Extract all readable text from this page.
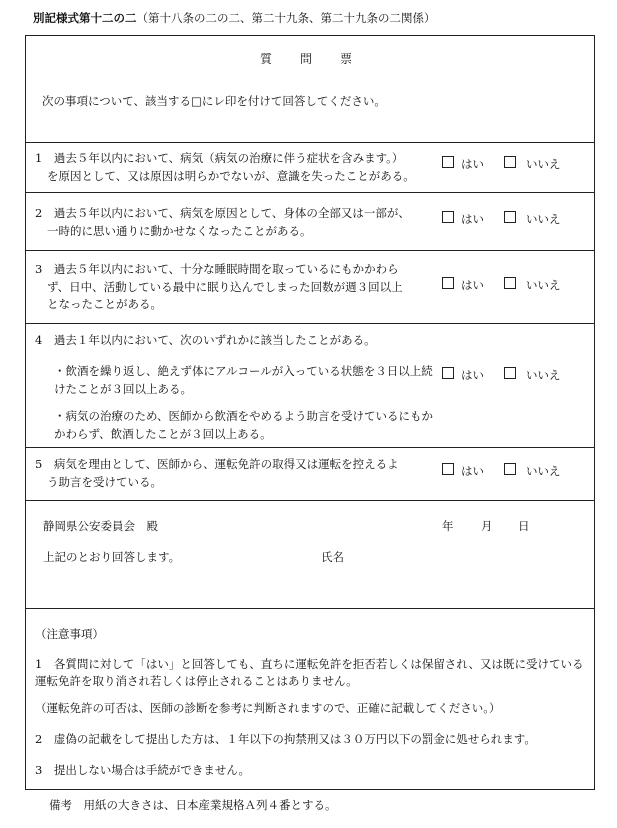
別記様式第十二の二（第十八条の二の二、第二十九条、第二十九条の二関係）
質　問　票
次の事項について、該当する□にレ印を付けて回答してください。
1　過去５年以内において、病気（病気の治療に伴う症状を含みます。）
を原因として、又は原因は明らかでないが、意識を失ったことがある。
はい	いいえ
2　過去５年以内において、病気を原因として、身体の全部又は一部が、
一時的に思い通りに動かせなくなったことがある。
はい	いいえ
3　過去５年以内において、十分な睡眠時間を取っているにもかかわら
ず、日中、活動している最中に眠り込んでしまった回数が週３回以上
となったことがある。
はい	いいえ
4　過去１年以内において、次のいずれかに該当したことがある。
・飲酒を繰り返し、絶えず体にアルコールが入っている状態を３日以上続けたことが３回以上ある。
・病気の治療のため、医師から飲酒をやめるよう助言を受けているにもかかわらず、飲酒したことが３回以上ある。
はい	いいえ
5　病気を理由として、医師から、運転免許の取得又は運転を控えるよ
う助言を受けている。
はい	いいえ
静岡県公安委員会　殿	年 月 日
上記のとおり回答します。	氏名
（注意事項）
1　各質問に対して「はい」と回答しても、直ちに運転免許を拒否若しくは保留され、又は既に受けている運転免許を取り消され若しくは停止されることはありません。
（運転免許の可否は、医師の診断を参考に判断されますので、正確に記載してください。）
2　虚偽の記載をして提出した方は、１年以下の拘禁刑又は３０万円以下の罰金に処せられます。
3　提出しない場合は手続ができません。
備考　用紙の大きさは、日本産業規格Ａ列４番とする。
